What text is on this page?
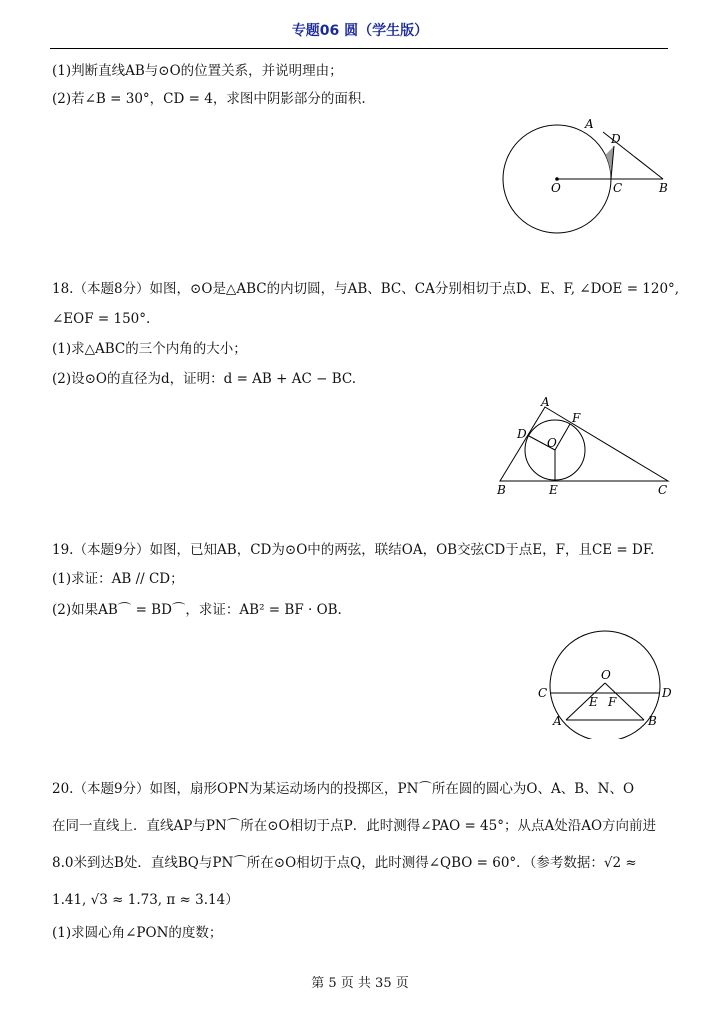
专题06 圆（学生版）
(1)判断直线AB与⊙O的位置关系，并说明理由；
(2)若∠B = 30°，CD = 4，求图中阴影部分的面积.
A
D
O	C	B
18.（本题8分）如图，⊙O是△ABC的内切圆，与AB、BC、CA分别相切于点D、E、F, ∠DOE = 120°,
∠EOF = 150°.
(1)求△ABC的三个内角的大小；
(2)设⊙O的直径为d，证明：d = AB + AC − BC.
A
F
D
O
B	E	C
19.（本题9分）如图，已知AB，CD为⊙O中的两弦，联结OA，OB交弦CD于点E，F，且CE = DF.
(1)求证：AB // CD；
(2)如果AB⌒ = BD⌒，求证：AB² = BF · OB.
O
C	D
E F
A	B
20.（本题9分）如图，扇形OPN为某运动场内的投掷区，PN⌒所在圆的圆心为O、A、B、N、O
在同一直线上．直线AP与PN⌒所在⊙O相切于点P．此时测得∠PAO = 45°；从点A处沿AO方向前进
8.0米到达B处．直线BQ与PN⌒所在⊙O相切于点Q，此时测得∠QBO = 60°．（参考数据：√2 ≈
1.41, √3 ≈ 1.73, π ≈ 3.14）
(1)求圆心角∠PON的度数；
第 5 页 共 35 页
